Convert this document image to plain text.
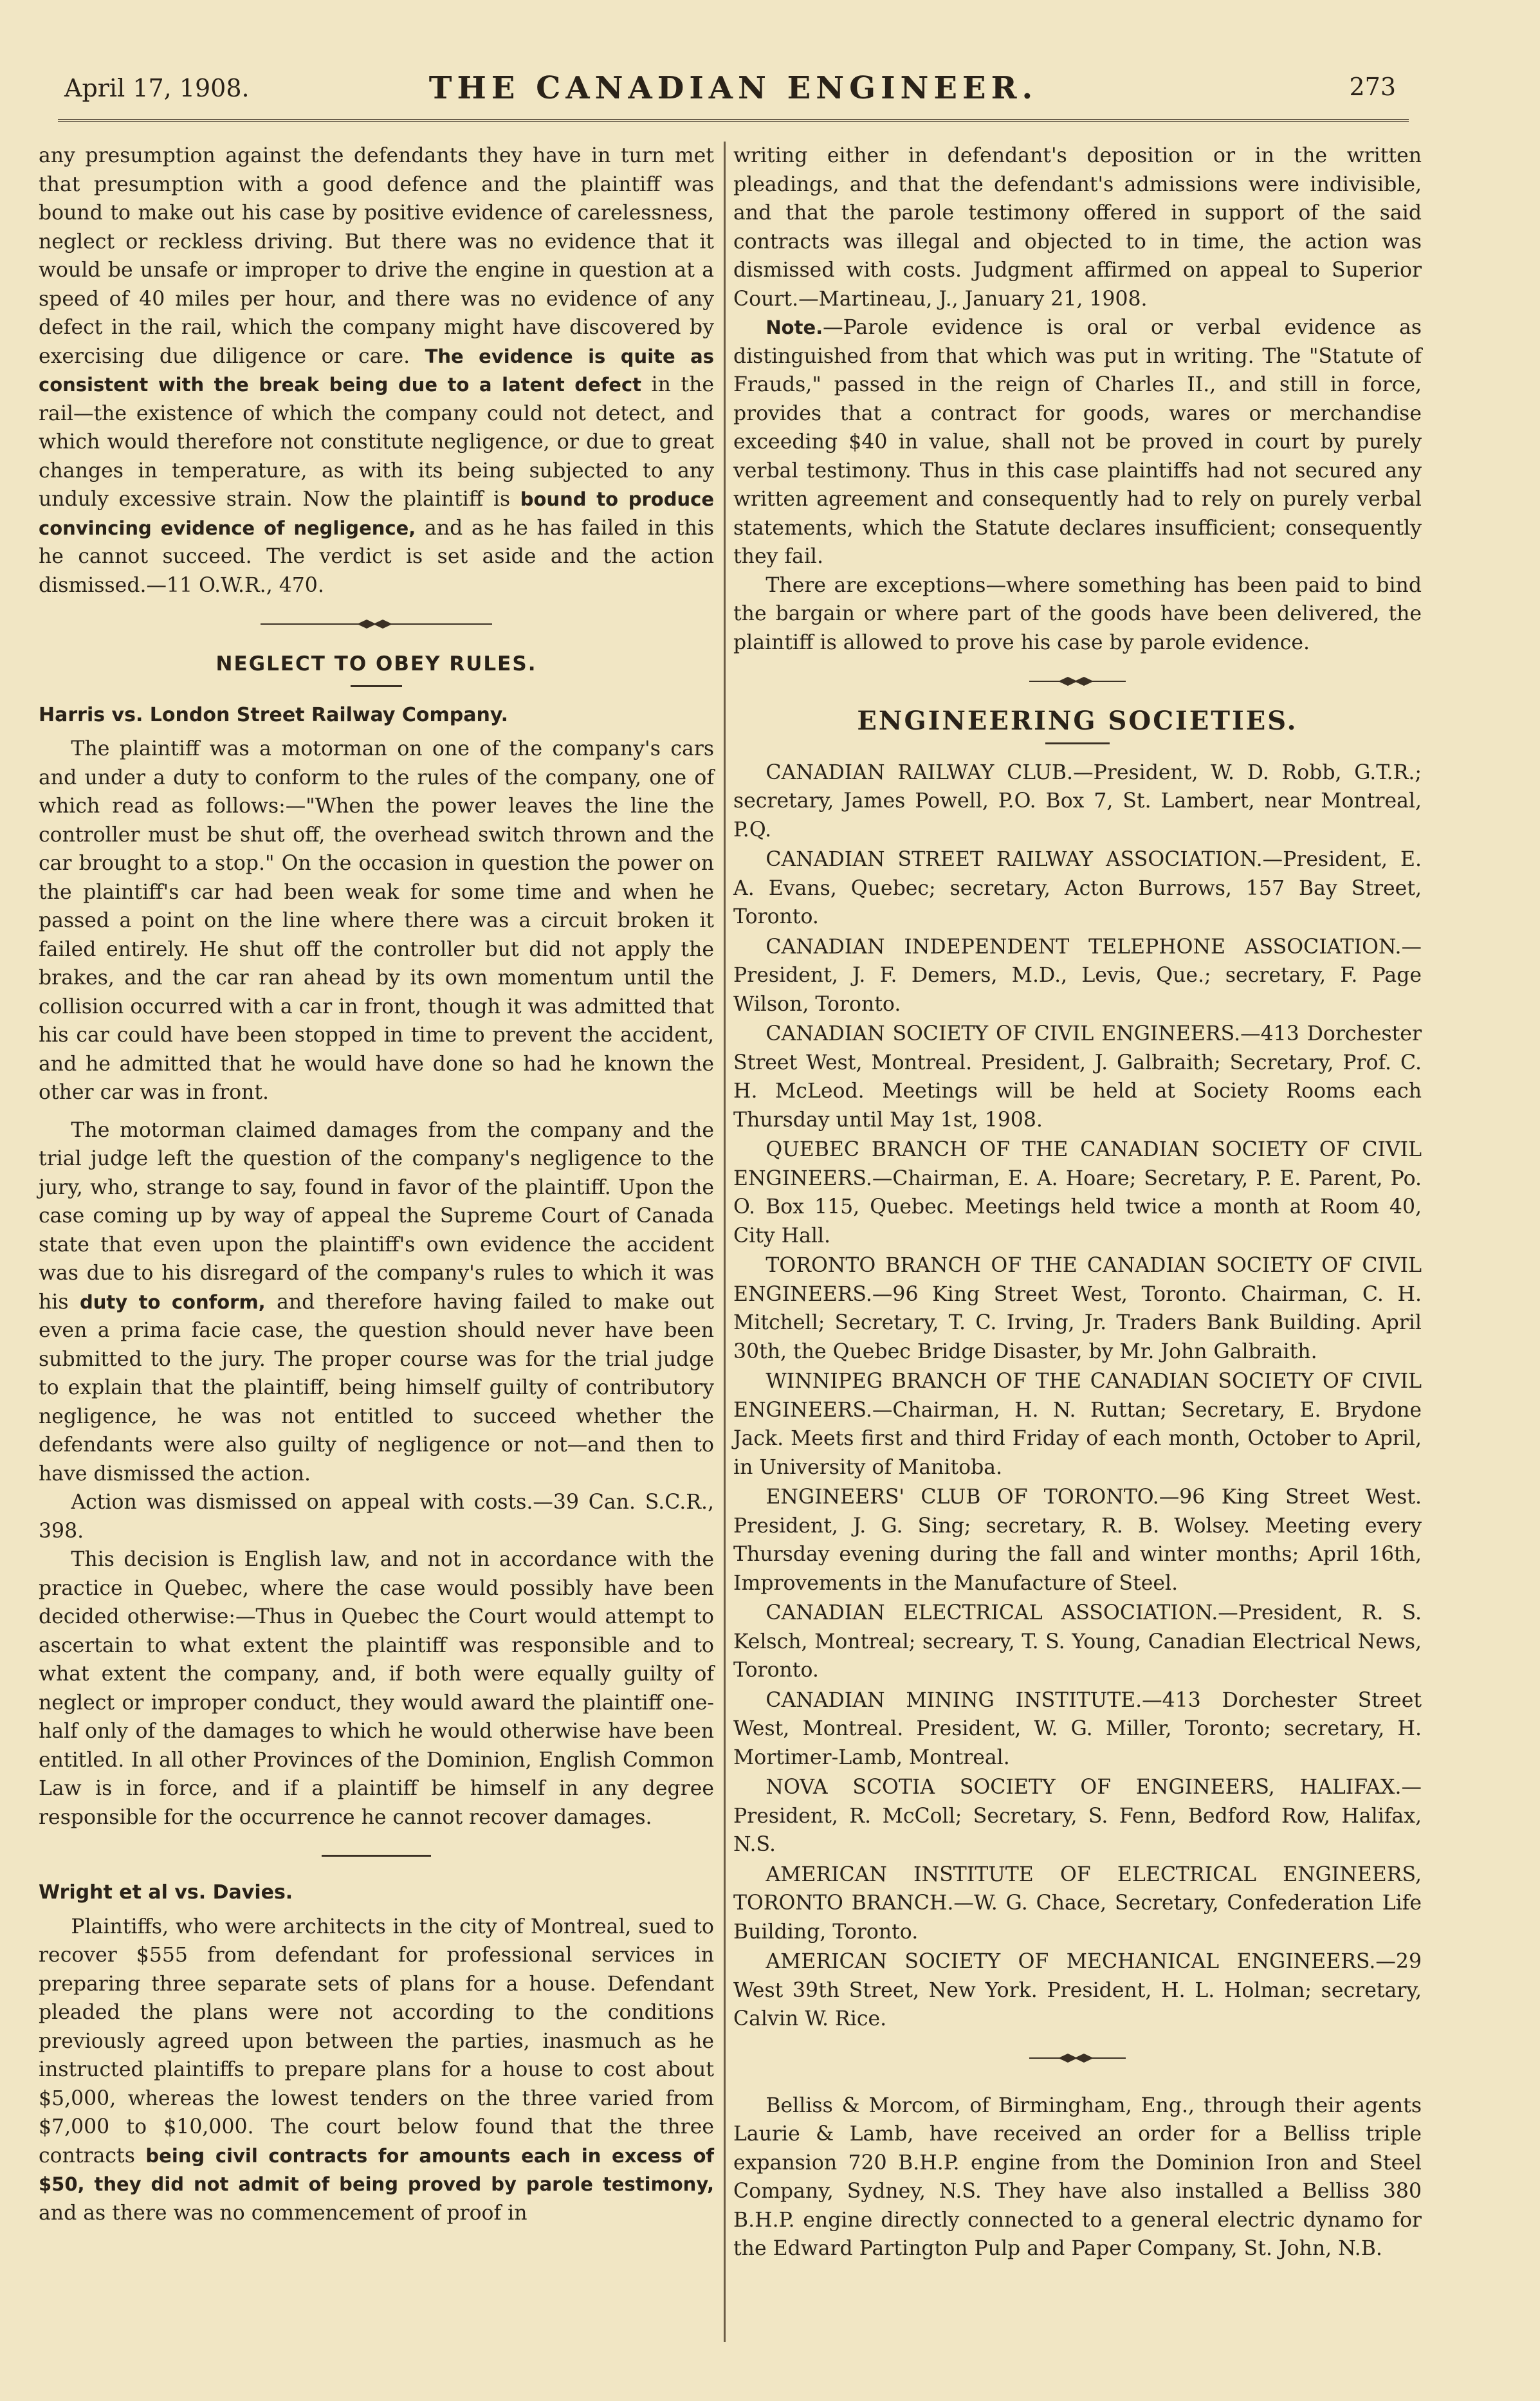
April 17, 1908.	THE CANADIAN ENGINEER.	273

any presumption against the defendants they have in turn met that presumption with a good defence and the plaintiff was bound to make out his case by positive evidence of carelessness, neglect or reckless driving. But there was no evidence that it would be unsafe or improper to drive the engine in question at a speed of 40 miles per hour, and there was no evidence of any defect in the rail, which the company might have discovered by exercising due diligence or care. The evidence is quite as consistent with the break being due to a latent defect in the rail—the existence of which the company could not detect, and which would therefore not constitute negligence, or due to great changes in temperature, as with its being subjected to any unduly excessive strain. Now the plaintiff is bound to produce convincing evidence of negligence, and as he has failed in this he cannot succeed. The verdict is set aside and the action dismissed.—11 O.W.R., 470.

NEGLECT TO OBEY RULES.
Harris vs. London Street Railway Company.

The plaintiff was a motorman on one of the company's cars and under a duty to conform to the rules of the company, one of which read as follows:—"When the power leaves the line the controller must be shut off, the overhead switch thrown and the car brought to a stop." On the occasion in question the power on the plaintiff's car had been weak for some time and when he passed a point on the line where there was a circuit broken it failed entirely. He shut off the controller but did not apply the brakes, and the car ran ahead by its own momentum until the collision occurred with a car in front, though it was admitted that his car could have been stopped in time to prevent the accident, and he admitted that he would have done so had he known the other car was in front.

The motorman claimed damages from the company and the trial judge left the question of the company's negligence to the jury, who, strange to say, found in favor of the plaintiff. Upon the case coming up by way of appeal the Supreme Court of Canada state that even upon the plaintiff's own evidence the accident was due to his disregard of the company's rules to which it was his duty to conform, and therefore having failed to make out even a prima facie case, the question should never have been submitted to the jury. The proper course was for the trial judge to explain that the plaintiff, being himself guilty of contributory negligence, he was not entitled to succeed whether the defendants were also guilty of negligence or not—and then to have dismissed the action.

Action was dismissed on appeal with costs.—39 Can. S.C.R., 398.

This decision is English law, and not in accordance with the practice in Quebec, where the case would possibly have been decided otherwise:—Thus in Quebec the Court would attempt to ascertain to what extent the plaintiff was responsible and to what extent the company, and, if both were equally guilty of neglect or improper conduct, they would award the plaintiff one-half only of the damages to which he would otherwise have been entitled. In all other Provinces of the Dominion, English Common Law is in force, and if a plaintiff be himself in any degree responsible for the occurrence he cannot recover damages.

Wright et al vs. Davies.

Plaintiffs, who were architects in the city of Montreal, sued to recover $555 from defendant for professional services in preparing three separate sets of plans for a house. Defendant pleaded the plans were not according to the conditions previously agreed upon between the parties, inasmuch as he instructed plaintiffs to prepare plans for a house to cost about $5,000, whereas the lowest tenders on the three varied from $7,000 to $10,000. The court below found that the three contracts being civil contracts for amounts each in excess of $50, they did not admit of being proved by parole testimony, and as there was no commencement of proof in

writing either in defendant's deposition or in the written pleadings, and that the defendant's admissions were indivisible, and that the parole testimony offered in support of the said contracts was illegal and objected to in time, the action was dismissed with costs. Judgment affirmed on appeal to Superior Court.—Martineau, J., January 21, 1908.

Note.—Parole evidence is oral or verbal evidence as distinguished from that which was put in writing. The "Statute of Frauds," passed in the reign of Charles II., and still in force, provides that a contract for goods, wares or merchandise exceeding $40 in value, shall not be proved in court by purely verbal testimony. Thus in this case plaintiffs had not secured any written agreement and consequently had to rely on purely verbal statements, which the Statute declares insufficient; consequently they fail.

There are exceptions—where something has been paid to bind the bargain or where part of the goods have been delivered, the plaintiff is allowed to prove his case by parole evidence.

ENGINEERING SOCIETIES.

CANADIAN RAILWAY CLUB.—President, W. D. Robb, G.T.R.; secretary, James Powell, P.O. Box 7, St. Lambert, near Montreal, P.Q.

CANADIAN STREET RAILWAY ASSOCIATION.—President, E. A. Evans, Quebec; secretary, Acton Burrows, 157 Bay Street, Toronto.

CANADIAN INDEPENDENT TELEPHONE ASSOCIATION.—President, J. F. Demers, M.D., Levis, Que.; secretary, F. Page Wilson, Toronto.

CANADIAN SOCIETY OF CIVIL ENGINEERS.—413 Dorchester Street West, Montreal. President, J. Galbraith; Secretary, Prof. C. H. McLeod. Meetings will be held at Society Rooms each Thursday until May 1st, 1908.

QUEBEC BRANCH OF THE CANADIAN SOCIETY OF CIVIL ENGINEERS.—Chairman, E. A. Hoare; Secretary, P. E. Parent, Po. O. Box 115, Quebec. Meetings held twice a month at Room 40, City Hall.

TORONTO BRANCH OF THE CANADIAN SOCIETY OF CIVIL ENGINEERS.—96 King Street West, Toronto. Chairman, C. H. Mitchell; Secretary, T. C. Irving, Jr. Traders Bank Building. April 30th, the Quebec Bridge Disaster, by Mr. John Galbraith.

WINNIPEG BRANCH OF THE CANADIAN SOCIETY OF CIVIL ENGINEERS.—Chairman, H. N. Ruttan; Secretary, E. Brydone Jack. Meets first and third Friday of each month, October to April, in University of Manitoba.

ENGINEERS' CLUB OF TORONTO.—96 King Street West. President, J. G. Sing; secretary, R. B. Wolsey. Meeting every Thursday evening during the fall and winter months; April 16th, Improvements in the Manufacture of Steel.

CANADIAN ELECTRICAL ASSOCIATION.—President, R. S. Kelsch, Montreal; secreary, T. S. Young, Canadian Electrical News, Toronto.

CANADIAN MINING INSTITUTE.—413 Dorchester Street West, Montreal. President, W. G. Miller, Toronto; secretary, H. Mortimer-Lamb, Montreal.

NOVA SCOTIA SOCIETY OF ENGINEERS, HALIFAX.—President, R. McColl; Secretary, S. Fenn, Bedford Row, Halifax, N.S.

AMERICAN INSTITUTE OF ELECTRICAL ENGINEERS, TORONTO BRANCH.—W. G. Chace, Secretary, Confederation Life Building, Toronto.

AMERICAN SOCIETY OF MECHANICAL ENGINEERS.—29 West 39th Street, New York. President, H. L. Holman; secretary, Calvin W. Rice.

Belliss & Morcom, of Birmingham, Eng., through their agents Laurie & Lamb, have received an order for a Belliss triple expansion 720 B.H.P. engine from the Dominion Iron and Steel Company, Sydney, N.S. They have also installed a Belliss 380 B.H.P. engine directly connected to a general electric dynamo for the Edward Partington Pulp and Paper Company, St. John, N.B.
